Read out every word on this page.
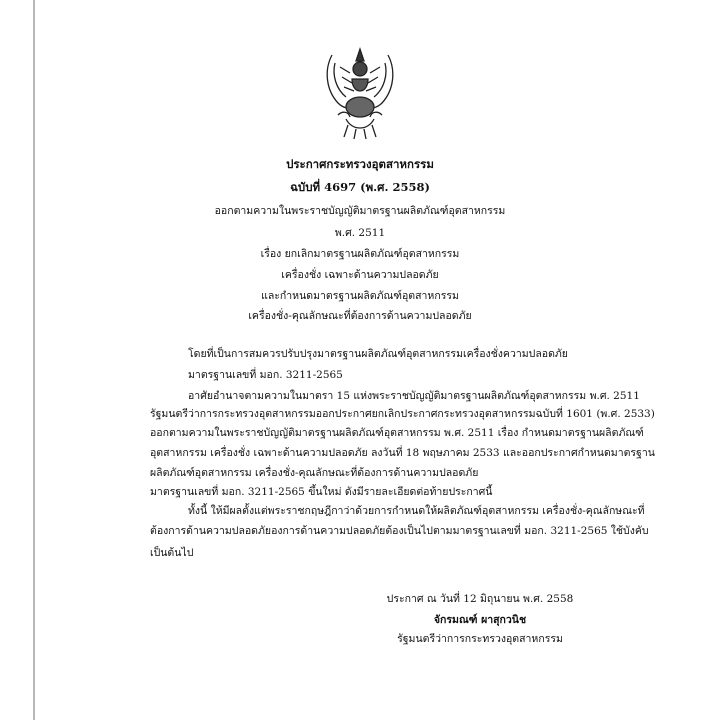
ประกาศกระทรวงอุตสาหกรรม
ฉบับที่ 4697 (พ.ศ. 2558)
ออกตามความในพระราชบัญญัติมาตรฐานผลิตภัณฑ์อุตสาหกรรม
พ.ศ. 2511
เรื่อง ยกเลิกมาตรฐานผลิตภัณฑ์อุตสาหกรรม
เครื่องชั่ง เฉพาะด้านความปลอดภัย
และกำหนดมาตรฐานผลิตภัณฑ์อุตสาหกรรม
เครื่องชั่ง-คุณลักษณะที่ต้องการด้านความปลอดภัย
โดยที่เป็นการสมควรปรับปรุงมาตรฐานผลิตภัณฑ์อุตสาหกรรมเครื่องชั่งความปลอดภัย
มาตรฐานเลขที่ มอก. 3211-2565
อาศัยอำนาจตามความในมาตรา 15 แห่งพระราชบัญญัติมาตรฐานผลิตภัณฑ์อุตสาหกรรม พ.ศ. 2511
รัฐมนตรีว่าการกระทรวงอุตสาหกรรมออกประกาศยกเลิกประกาศกระทรวงอุตสาหกรรมฉบับที่ 1601 (พ.ศ. 2533)
ออกตามความในพระราชบัญญัติมาตรฐานผลิตภัณฑ์อุตสาหกรรม พ.ศ. 2511 เรื่อง กำหนดมาตรฐานผลิตภัณฑ์
อุตสาหกรรม เครื่องชั่ง เฉพาะด้านความปลอดภัย ลงวันที่ 18 พฤษภาคม 2533 และออกประกาศกำหนดมาตรฐาน
ผลิตภัณฑ์อุตสาหกรรม เครื่องชั่ง-คุณลักษณะที่ต้องการด้านความปลอดภัย
มาตรฐานเลขที่ มอก. 3211-2565 ขึ้นใหม่ ดังมีรายละเอียดต่อท้ายประกาศนี้
ทั้งนี้ ให้มีผลตั้งแต่พระราชกฤษฎีกาว่าด้วยการกำหนดให้ผลิตภัณฑ์อุตสาหกรรม เครื่องชั่ง-คุณลักษณะที่
ต้องการด้านความปลอดภัยองการด้านความปลอดภัยต้องเป็นไปตามมาตรฐานเลขที่ มอก. 3211-2565 ใช้บังคับ
เป็นต้นไป
ประกาศ ณ วันที่ 12 มิถุนายน พ.ศ. 2558
จักรมณฑ์ ผาสุกวนิช
รัฐมนตรีว่าการกระทรวงอุตสาหกรรม
